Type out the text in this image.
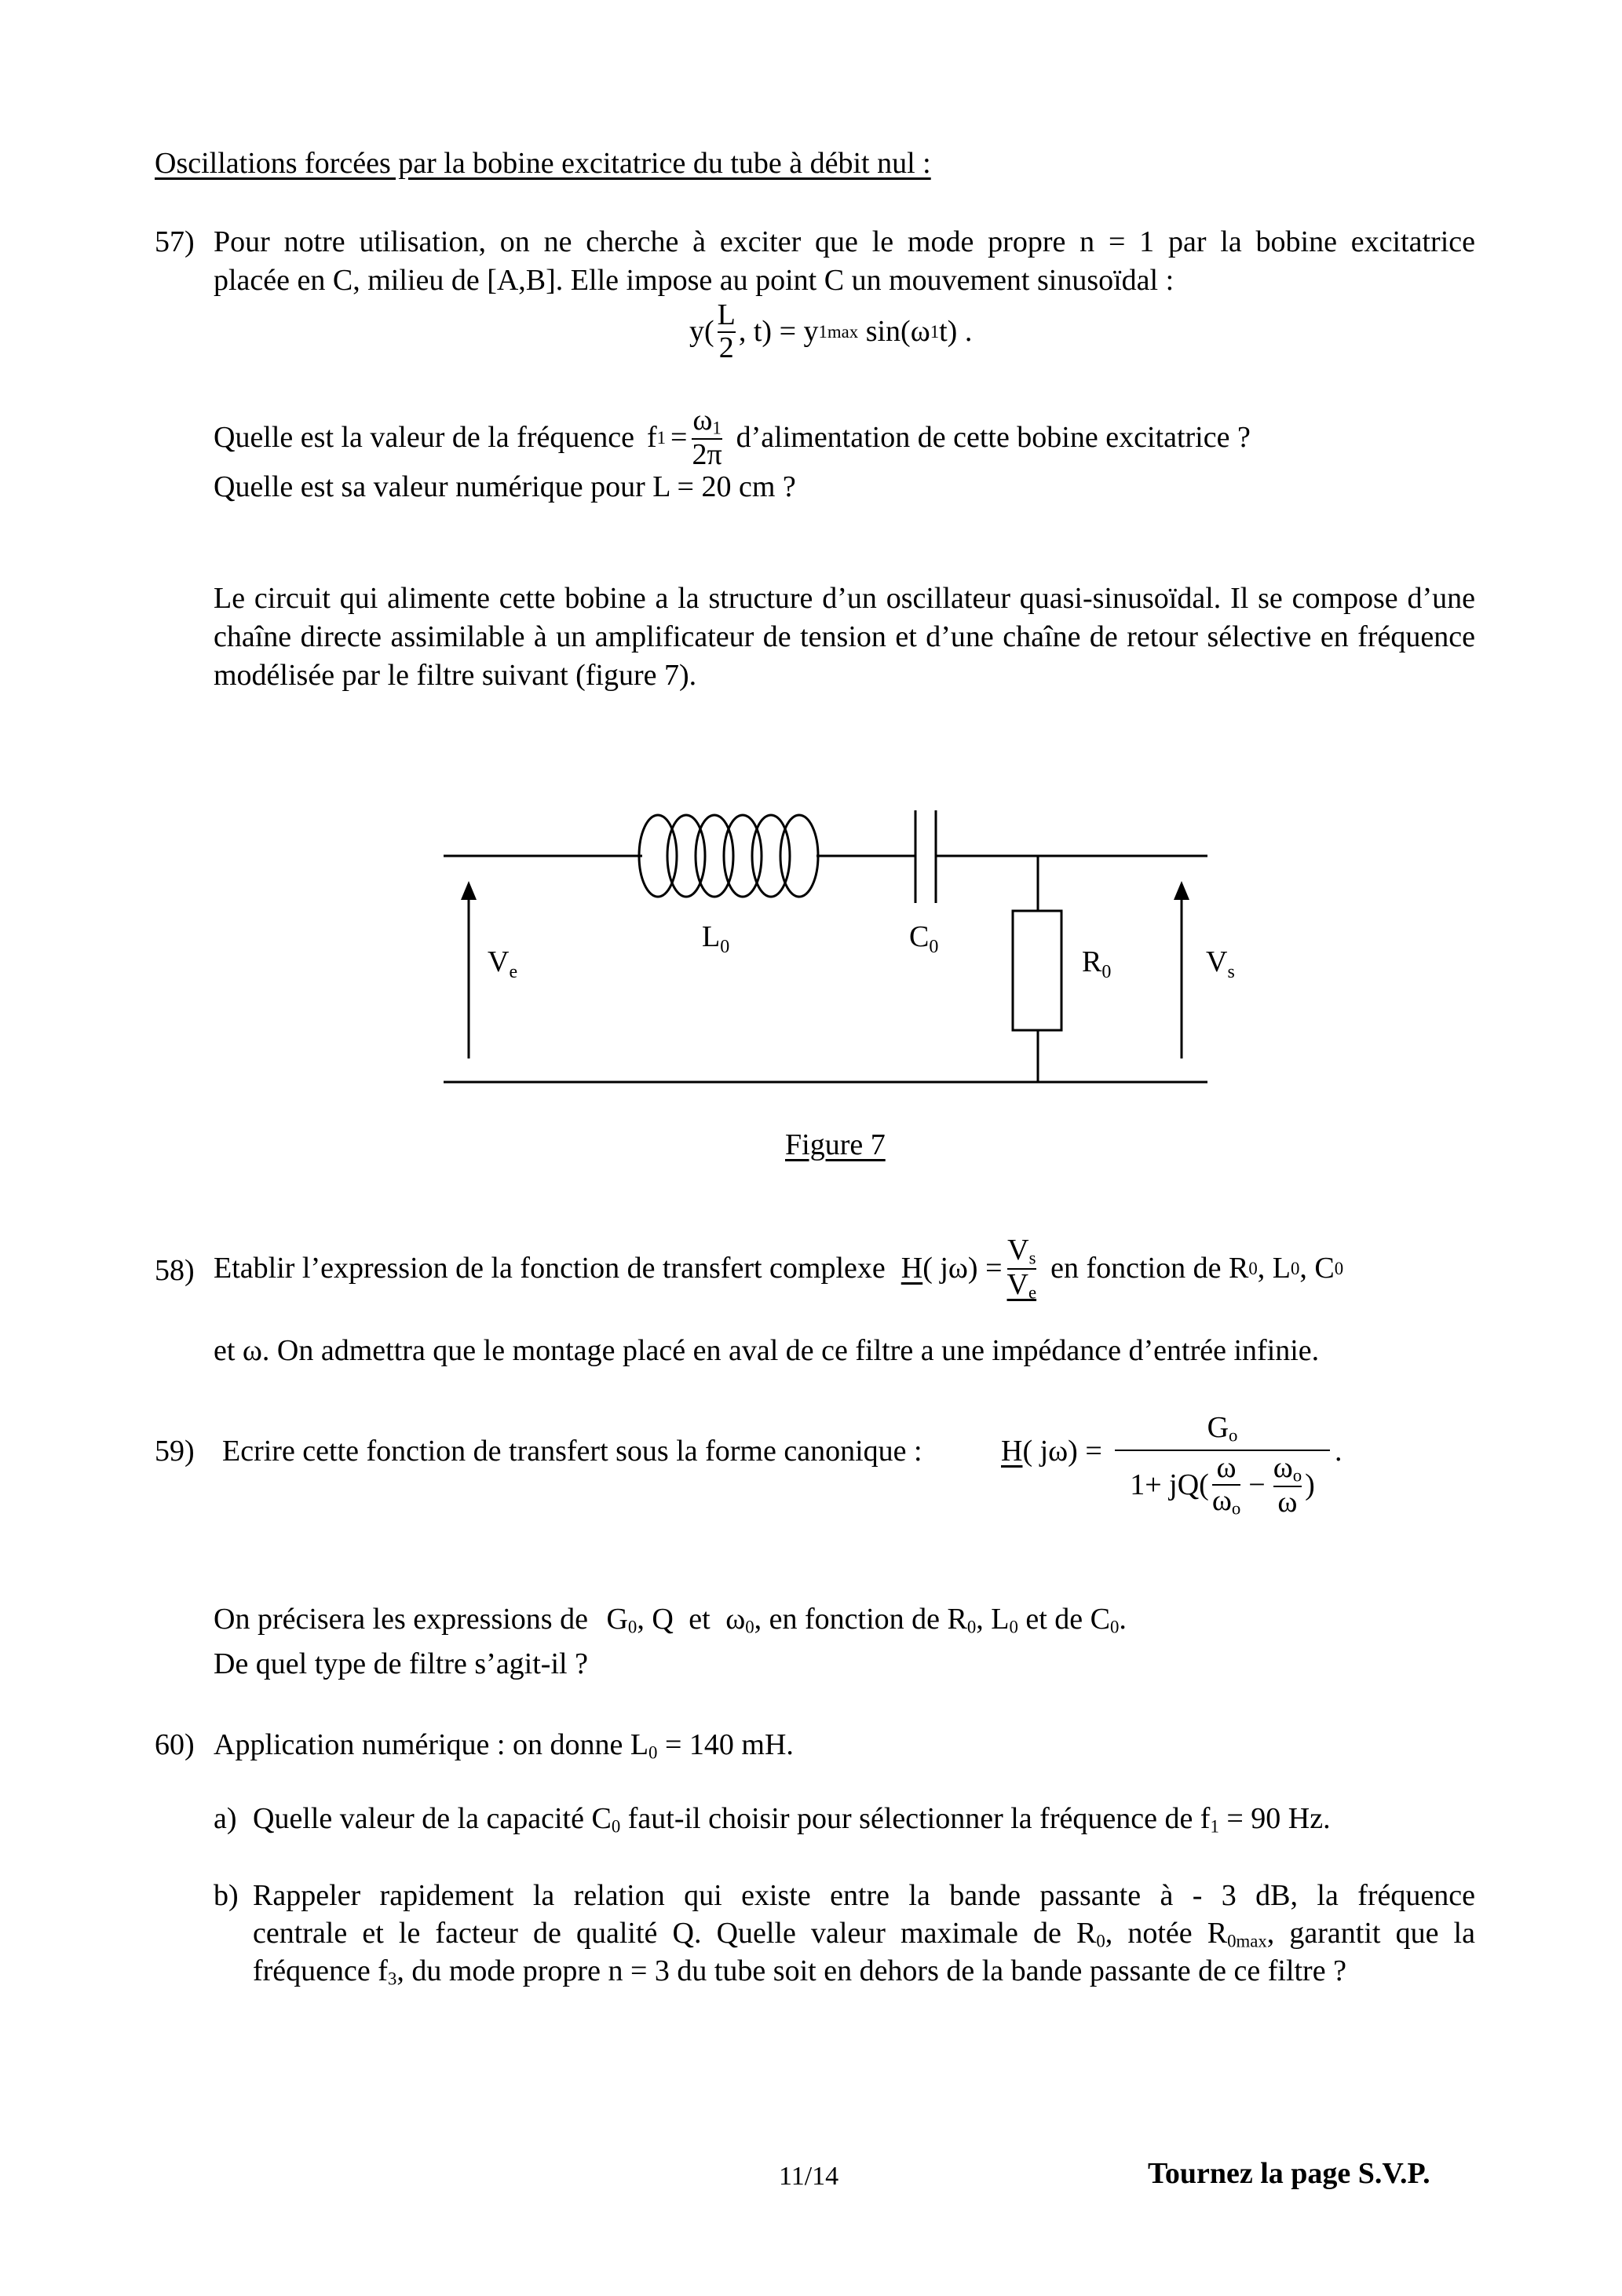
Oscillations forcées par la bobine excitatrice du tube à débit nul :
57) Pour notre utilisation, on ne cherche à exciter que le mode propre n = 1 par la bobine excitatrice
placée en C, milieu de [A,B]. Elle impose au point C un mouvement sinusoïdal :
$y( \frac{L}{2}$ , t) = y 1max sin(ω 1 t) .
Quelle est la valeur de la fréquence f $1 = \frac{\omega_1}{2\pi}$ d’alimentation de cette bobine excitatrice ?
Quelle est sa valeur numérique pour L = 20 cm ?

Le circuit qui alimente cette bobine a la structure d’un oscillateur quasi-sinusoïdal. Il se compose d’une chaîne directe assimilable à un amplificateur de tension et d’une chaîne de retour sélective en fréquence modélisée par le filtre suivant (figure 7).

$V_e$
$L_0$	$C_0$	$R_0$	$V_s$
Figure 7
58) Etablir l’expression de la fonction de transfert complexe H ( $j\omega) = \frac{V_s}{V_e}$ en fonction de R 0 , L 0 , C 0
et ω. On admettra que le montage placé en aval de ce filtre a une impédance d’entrée infinie.
59) Ecrire cette fonction de transfert sous la forme canonique :	H( jω) =
$G_o$
$1+ jQ( \frac{\omega}{\omega_o} - \frac{\omega_o}{\omega}$ )
.
On précisera les expressions de $G_0$, Q et $\omega_0$, en fonction de $R_0$, $L_0$ et de $C_0$.
De quel type de filtre s’agit-il ?
60) Application numérique : on donne $L_0 = 140$ mH.
a) Quelle valeur de la capacité $C_0$ faut-il choisir pour sélectionner la fréquence de $f_1 = 90$ Hz.
b) Rappeler rapidement la relation qui existe entre la bande passante à - 3 dB, la fréquence
centrale et le facteur de qualité Q. Quelle valeur maximale de $R_0$, notée $R_{0max}$, garantit que la
fréquence $f_3$, du mode propre n = 3 du tube soit en dehors de la bande passante de ce filtre ?
11/14	Tournez la page S.V.P.
